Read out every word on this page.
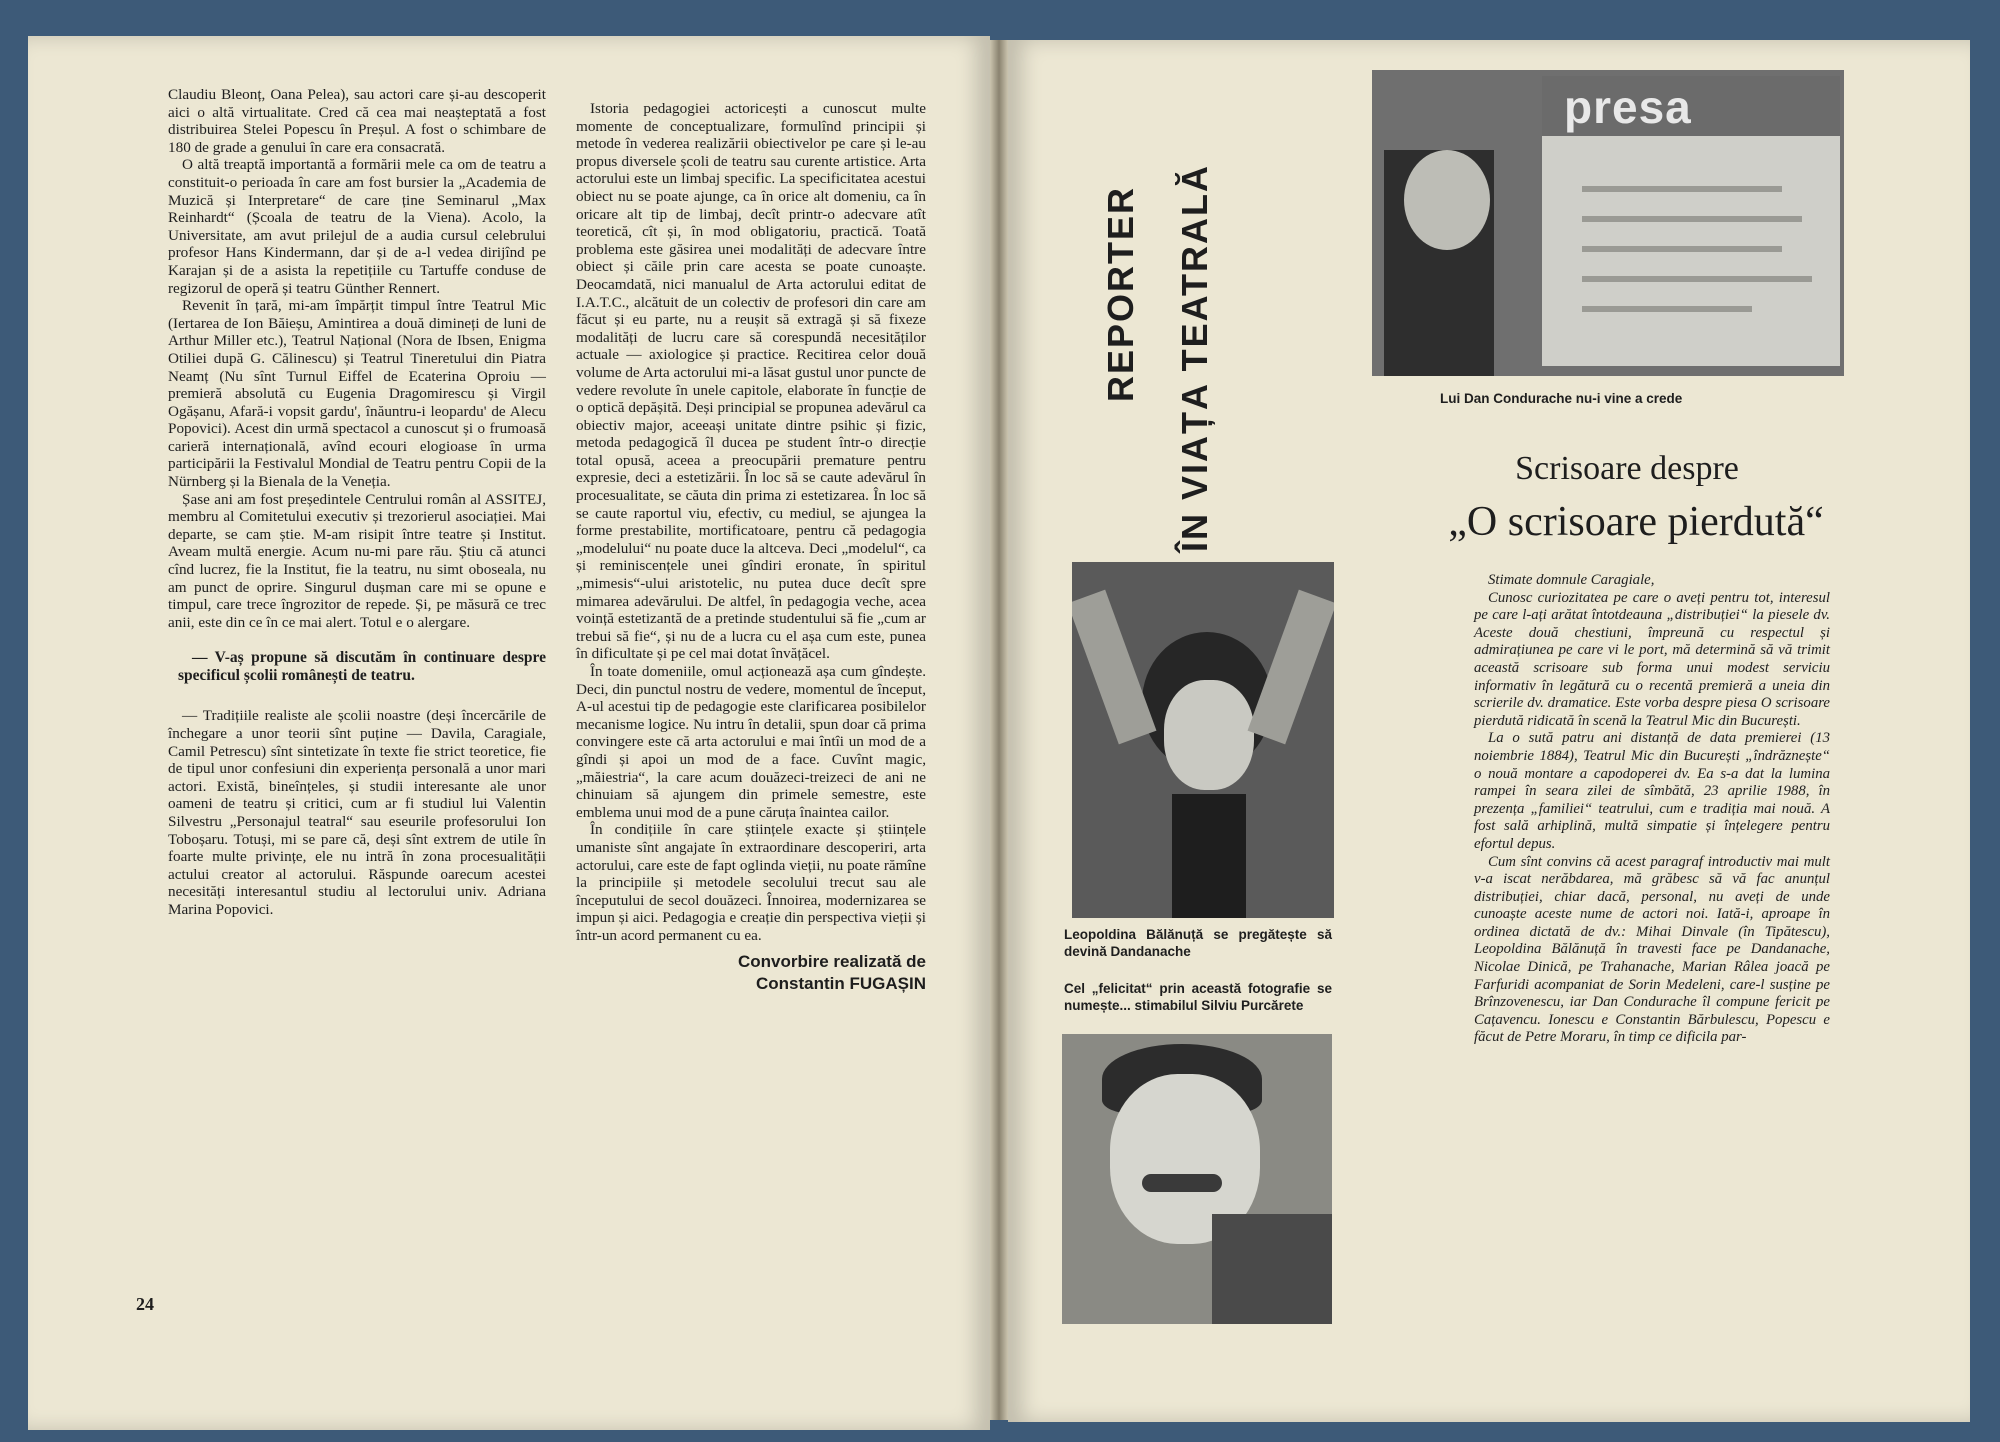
Claudiu Bleonț, Oana Pelea), sau actori care și-au descoperit aici o altă virtualitate. Cred că cea mai neașteptată a fost distribuirea Stelei Popescu în Preșul. A fost o schimbare de 180 de grade a genului în care era consacrată.

O altă treaptă importantă a formării mele ca om de teatru a constituit-o perioada în care am fost bursier la „Academia de Muzică și Interpretare“ de care ține Seminarul „Max Reinhardt“ (Școala de teatru de la Viena). Acolo, la Universitate, am avut prilejul de a audia cursul celebrului profesor Hans Kindermann, dar și de a-l vedea dirijînd pe Karajan și de a asista la repetițiile cu Tartuffe conduse de regizorul de operă și teatru Günther Rennert.

Revenit în țară, mi-am împărțit timpul între Teatrul Mic (Iertarea de Ion Băieșu, Amintirea a două dimineți de luni de Arthur Miller etc.), Teatrul Național (Nora de Ibsen, Enigma Otiliei după G. Călinescu) și Teatrul Tineretului din Piatra Neamț (Nu sînt Turnul Eiffel de Ecaterina Oproiu — premieră absolută cu Eugenia Dragomirescu și Virgil Ogășanu, Afară-i vopsit gardu', înăuntru-i leopardu' de Alecu Popovici). Acest din urmă spectacol a cunoscut și o frumoasă carieră internațională, avînd ecouri elogioase în urma participării la Festivalul Mondial de Teatru pentru Copii de la Nürnberg și la Bienala de la Veneția.

Șase ani am fost președintele Centrului român al ASSITEJ, membru al Comitetului executiv și trezorierul asociației. Mai departe, se cam știe. M-am risipit între teatre și Institut. Aveam multă energie. Acum nu-mi pare rău. Știu că atunci cînd lucrez, fie la Institut, fie la teatru, nu simt oboseala, nu am punct de oprire. Singurul dușman care mi se opune e timpul, care trece îngrozitor de repede. Și, pe măsură ce trec anii, este din ce în ce mai alert. Totul e o alergare.

— V-aș propune să discutăm în continuare despre specificul școlii românești de teatru.

— Tradițiile realiste ale școlii noastre (deși încercările de închegare a unor teorii sînt puține — Davila, Caragiale, Camil Petrescu) sînt sintetizate în texte fie strict teoretice, fie de tipul unor confesiuni din experiența personală a unor mari actori. Există, bineînțeles, și studii interesante ale unor oameni de teatru și critici, cum ar fi studiul lui Valentin Silvestru „Personajul teatral“ sau eseurile profesorului Ion Toboșaru. Totuși, mi se pare că, deși sînt extrem de utile în foarte multe privințe, ele nu intră în zona procesualității actului creator al actorului. Răspunde oarecum acestei necesități interesantul studiu al lectorului univ. Adriana Marina Popovici.

Istoria pedagogiei actoricești a cunoscut multe momente de conceptualizare, formulînd principii și metode în vederea realizării obiectivelor pe care și le-au propus diversele școli de teatru sau curente artistice. Arta actorului este un limbaj specific. La specificitatea acestui obiect nu se poate ajunge, ca în orice alt domeniu, ca în oricare alt tip de limbaj, decît printr-o adecvare atît teoretică, cît și, în mod obligatoriu, practică. Toată problema este găsirea unei modalități de adecvare între obiect și căile prin care acesta se poate cunoaște. Deocamdată, nici manualul de Arta actorului editat de I.A.T.C., alcătuit de un colectiv de profesori din care am făcut și eu parte, nu a reușit să extragă și să fixeze modalități de lucru care să corespundă necesităților actuale — axiologice și practice. Recitirea celor două volume de Arta actorului mi-a lăsat gustul unor puncte de vedere revolute în unele capitole, elaborate în funcție de o optică depășită. Deși principial se propunea adevărul ca obiectiv major, aceeași unitate dintre psihic și fizic, metoda pedagogică îl ducea pe student într-o direcție total opusă, aceea a preocupării premature pentru expresie, deci a estetizării. În loc să se caute adevărul în procesualitate, se căuta din prima zi estetizarea. În loc să se caute raportul viu, efectiv, cu mediul, se ajungea la forme prestabilite, mortificatoare, pentru că pedagogia „modelului“ nu poate duce la altceva. Deci „modelul“, ca și reminiscențele unei gîndiri eronate, în spiritul „mimesis“-ului aristotelic, nu putea duce decît spre mimarea adevărului. De altfel, în pedagogia veche, acea voință estetizantă de a pretinde studentului să fie „cum ar trebui să fie“, și nu de a lucra cu el așa cum este, punea în dificultate și pe cel mai dotat învățăcel.

În toate domeniile, omul acționează așa cum gîndește. Deci, din punctul nostru de vedere, momentul de început, A-ul acestui tip de pedagogie este clarificarea posibilelor mecanisme logice. Nu intru în detalii, spun doar că prima convingere este că arta actorului e mai întîi un mod de a gîndi și apoi un mod de a face. Cuvînt magic, „măiestria“, la care acum douăzeci-treizeci de ani ne chinuiam să ajungem din primele semestre, este emblema unui mod de a pune căruța înaintea cailor.

În condițiile în care științele exacte și științele umaniste sînt angajate în extraordinare descoperiri, arta actorului, care este de fapt oglinda vieții, nu poate rămîne la principiile și metodele secolului trecut sau ale începutului de secol douăzeci. Înnoirea, modernizarea se impun și aici. Pedagogia e creație din perspectiva vieții și într-un acord permanent cu ea.

Convorbire realizată de
Constantin FUGAȘIN
24
REPORTER ÎN VIAȚA TEATRALĂ
presa
Lui Dan Condurache nu-i vine a crede
Scrisoare despre
„O scrisoare pierdută“

Stimate domnule Caragiale,

Cunosc curiozitatea pe care o aveți pentru tot, interesul pe care l-ați arătat întotdeauna „distribuției“ la piesele dv. Aceste două chestiuni, împreună cu respectul și admirațiunea pe care vi le port, mă determină să vă trimit această scrisoare sub forma unui modest serviciu informativ în legătură cu o recentă premieră a uneia din scrierile dv. dramatice. Este vorba despre piesa O scrisoare pierdută ridicată în scenă la Teatrul Mic din București.

La o sută patru ani distanță de data premierei (13 noiembrie 1884), Teatrul Mic din București „îndrăznește“ o nouă montare a capodoperei dv. Ea s-a dat la lumina rampei în seara zilei de sîmbătă, 23 aprilie 1988, în prezența „familiei“ teatrului, cum e tradiția mai nouă. A fost sală arhiplină, multă simpatie și înțelegere pentru efortul depus.

Cum sînt convins că acest paragraf introductiv mai mult v-a iscat nerăbdarea, mă grăbesc să vă fac anunțul distribuției, chiar dacă, personal, nu aveți de unde cunoaște aceste nume de actori noi. Iată-i, aproape în ordinea dictată de dv.: Mihai Dinvale (în Tipătescu), Leopoldina Bălănuță în travesti face pe Dandanache, Nicolae Dinică, pe Trahanache, Marian Râlea joacă pe Farfuridi acompaniat de Sorin Medeleni, care-l susține pe Brînzovenescu, iar Dan Condurache îl compune fericit pe Cațavencu. Ionescu e Constantin Bărbulescu, Popescu e făcut de Petre Moraru, în timp ce dificila par-

Leopoldina Bălănuță se pregătește să devină Dandanache
Cel „felicitat“ prin această fotografie se numește... stimabilul Silviu Purcărete
